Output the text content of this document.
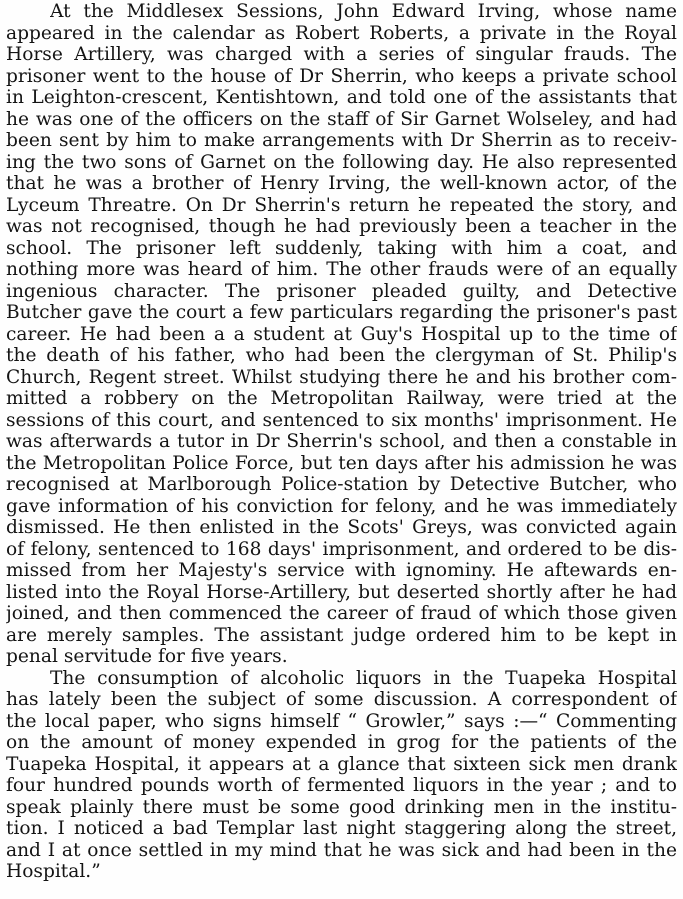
At the Middlesex Sessions, John Edward Irving, whose name
appeared in the calendar as Robert Roberts, a private in the Royal
Horse Artillery, was charged with a series of singular frauds. The
prisoner went to the house of Dr Sherrin, who keeps a private school
in Leighton-crescent, Kentishtown, and told one of the assistants that
he was one of the officers on the staff of Sir Garnet Wolseley, and had
been sent by him to make arrangements with Dr Sherrin as to receiv-
ing the two sons of Garnet on the following day. He also represented
that he was a brother of Henry Irving, the well-known actor, of the
Lyceum Threatre. On Dr Sherrin's return he repeated the story, and
was not recognised, though he had previously been a teacher in the
school. The prisoner left suddenly, taking with him a coat, and
nothing more was heard of him. The other frauds were of an equally
ingenious character. The prisoner pleaded guilty, and Detective
Butcher gave the court a few particulars regarding the prisoner's past
career. He had been a a student at Guy's Hospital up to the time of
the death of his father, who had been the clergyman of St. Philip's
Church, Regent street. Whilst studying there he and his brother com-
mitted a robbery on the Metropolitan Railway, were tried at the
sessions of this court, and sentenced to six months' imprisonment. He
was afterwards a tutor in Dr Sherrin's school, and then a constable in
the Metropolitan Police Force, but ten days after his admission he was
recognised at Marlborough Police-station by Detective Butcher, who
gave information of his conviction for felony, and he was immediately
dismissed. He then enlisted in the Scots' Greys, was convicted again
of felony, sentenced to 168 days' imprisonment, and ordered to be dis-
missed from her Majesty's service with ignominy. He aftewards en-
listed into the Royal Horse-Artillery, but deserted shortly after he had
joined, and then commenced the career of fraud of which those given
are merely samples. The assistant judge ordered him to be kept in
penal servitude for five years.
The consumption of alcoholic liquors in the Tuapeka Hospital
has lately been the subject of some discussion. A correspondent of
the local paper, who signs himself “ Growler,” says :—“ Commenting
on the amount of money expended in grog for the patients of the
Tuapeka Hospital, it appears at a glance that sixteen sick men drank
four hundred pounds worth of fermented liquors in the year ; and to
speak plainly there must be some good drinking men in the institu-
tion. I noticed a bad Templar last night staggering along the street,
and I at once settled in my mind that he was sick and had been in the
Hospital.”
